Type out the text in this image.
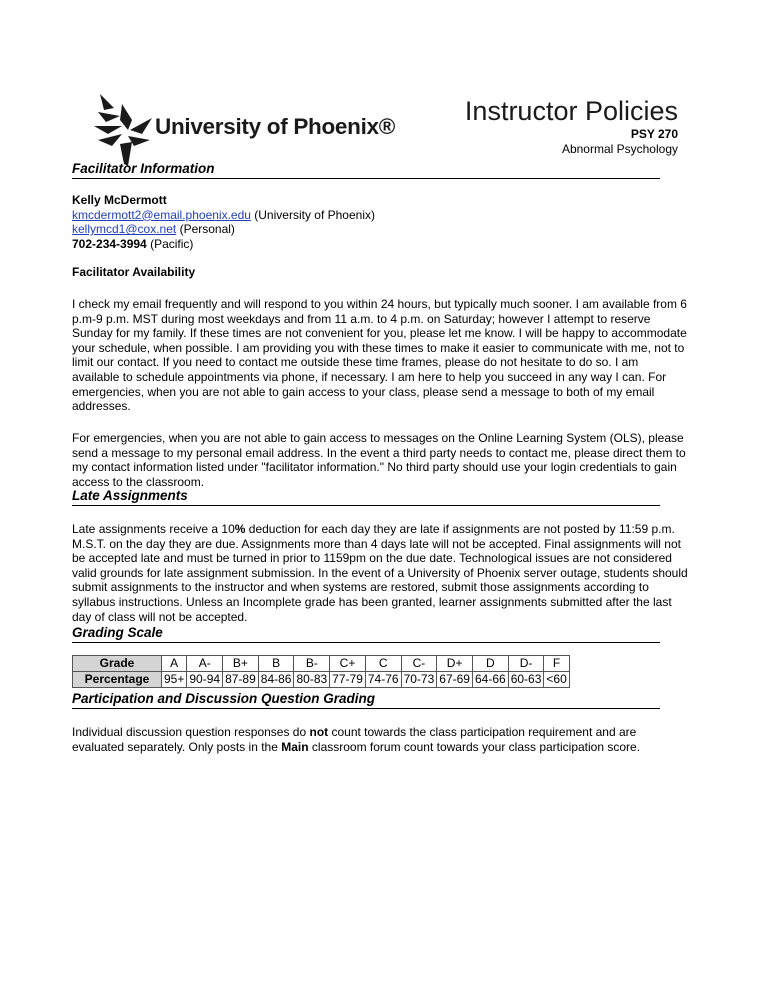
University of Phoenix®
Instructor Policies
PSY 270
Abnormal Psychology
Facilitator Information
Kelly McDermott
kmcdermott2@email.phoenix.edu (University of Phoenix)
kellymcd1@cox.net (Personal)
702-234-3994 (Pacific)
Facilitator Availability
I check my email frequently and will respond to you within 24 hours, but typically much sooner. I am available from 6 p.m-9 p.m. MST during most weekdays and from 11 a.m. to 4 p.m. on Saturday; however I attempt to reserve Sunday for my family. If these times are not convenient for you, please let me know. I will be happy to accommodate your schedule, when possible. I am providing you with these times to make it easier to communicate with me, not to limit our contact. If you need to contact me outside these time frames, please do not hesitate to do so. I am available to schedule appointments via phone, if necessary. I am here to help you succeed in any way I can. For emergencies, when you are not able to gain access to your class, please send a message to both of my email addresses.
For emergencies, when you are not able to gain access to messages on the Online Learning System (OLS), please send a message to my personal email address. In the event a third party needs to contact me, please direct them to my contact information listed under "facilitator information." No third party should use your login credentials to gain access to the classroom.
Late Assignments
Late assignments receive a 10% deduction for each day they are late if assignments are not posted by 11:59 p.m. M.S.T. on the day they are due. Assignments more than 4 days late will not be accepted. Final assignments will not be accepted late and must be turned in prior to 1159pm on the due date. Technological issues are not considered valid grounds for late assignment submission. In the event of a University of Phoenix server outage, students should submit assignments to the instructor and when systems are restored, submit those assignments according to syllabus instructions. Unless an Incomplete grade has been granted, learner assignments submitted after the last day of class will not be accepted.
Grading Scale
Grade	A	A-	B+	B	B-	C+	C	C-	D+	D	D-	F
Percentage	95+	90-94	87-89	84-86	80-83	77-79	74-76	70-73	67-69	64-66	60-63	<60
Participation and Discussion Question Grading
Individual discussion question responses do not count towards the class participation requirement and are evaluated separately. Only posts in the Main classroom forum count towards your class participation score.
